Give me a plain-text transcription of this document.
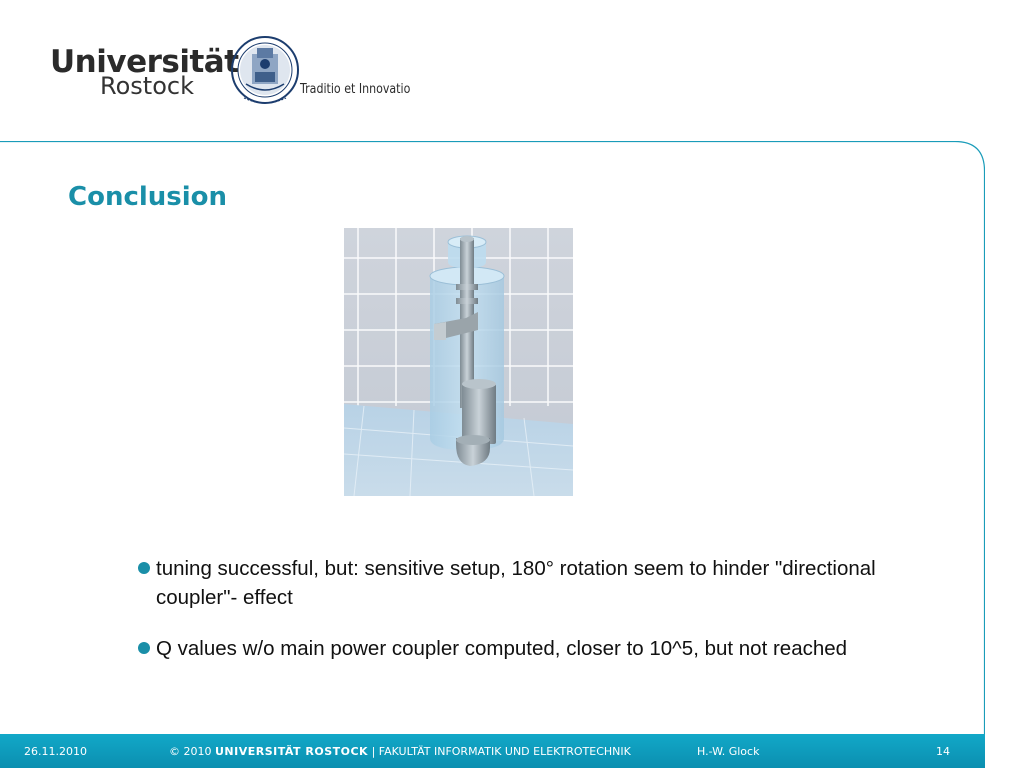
Universität
Rostock	Traditio et Innovatio
Conclusion
tuning successful, but: sensitive setup, 180° rotation seem to hinder "directional coupler"- effect
Q values w/o main power coupler computed, closer to 10^5, but not reached
26.11.2010	© 2010 UNIVERSITÄT ROSTOCK | FAKULTÄT INFORMATIK UND ELEKTROTECHNIK	H.-W. Glock	14
